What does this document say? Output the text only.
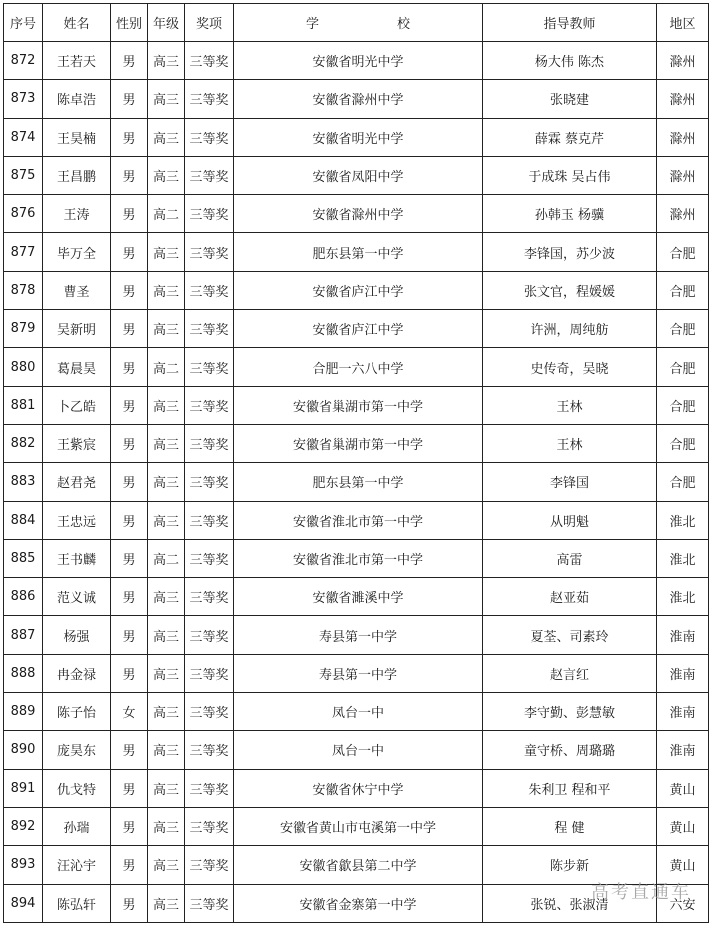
序号	姓名	性别	年级	奖项	学　　　　　　校	指导教师	地区
872	王若天	男	高三	三等奖	安徽省明光中学	杨大伟 陈杰	滁州
873	陈卓浩	男	高三	三等奖	安徽省滁州中学	张晓建	滁州
874	王昊楠	男	高三	三等奖	安徽省明光中学	薛霖 蔡克芹	滁州
875	王昌鹏	男	高三	三等奖	安徽省凤阳中学	于成珠 吴占伟	滁州
876	王涛	男	高二	三等奖	安徽省滁州中学	孙韩玉 杨骥	滁州
877	毕万全	男	高三	三等奖	肥东县第一中学	李锋国，苏少波	合肥
878	曹圣	男	高三	三等奖	安徽省庐江中学	张文官，程媛媛	合肥
879	吴新明	男	高三	三等奖	安徽省庐江中学	许洲，周纯舫	合肥
880	葛晨昊	男	高二	三等奖	合肥一六八中学	史传奇，吴晓	合肥
881	卜乙皓	男	高三	三等奖	安徽省巢湖市第一中学	王林	合肥
882	王紫宸	男	高三	三等奖	安徽省巢湖市第一中学	王林	合肥
883	赵君尧	男	高三	三等奖	肥东县第一中学	李锋国	合肥
884	王忠远	男	高三	三等奖	安徽省淮北市第一中学	从明魁	淮北
885	王书麟	男	高二	三等奖	安徽省淮北市第一中学	高雷	淮北
886	范义诚	男	高三	三等奖	安徽省濉溪中学	赵亚茹	淮北
887	杨强	男	高三	三等奖	寿县第一中学	夏荃、司素玲	淮南
888	冉金禄	男	高三	三等奖	寿县第一中学	赵言红	淮南
889	陈子怡	女	高三	三等奖	凤台一中	李守勤、彭慧敏	淮南
890	庞昊东	男	高三	三等奖	凤台一中	童守桥、周璐璐	淮南
891	仇戈特	男	高三	三等奖	安徽省休宁中学	朱利卫 程和平	黄山
892	孙瑞	男	高三	三等奖	安徽省黄山市屯溪第一中学	程 健	黄山
893	汪沁宇	男	高三	三等奖	安徽省歙县第二中学	陈步新	黄山
894	陈弘轩	男	高三	三等奖	安徽省金寨第一中学	张锐、张淑清	六安
高考直通车
